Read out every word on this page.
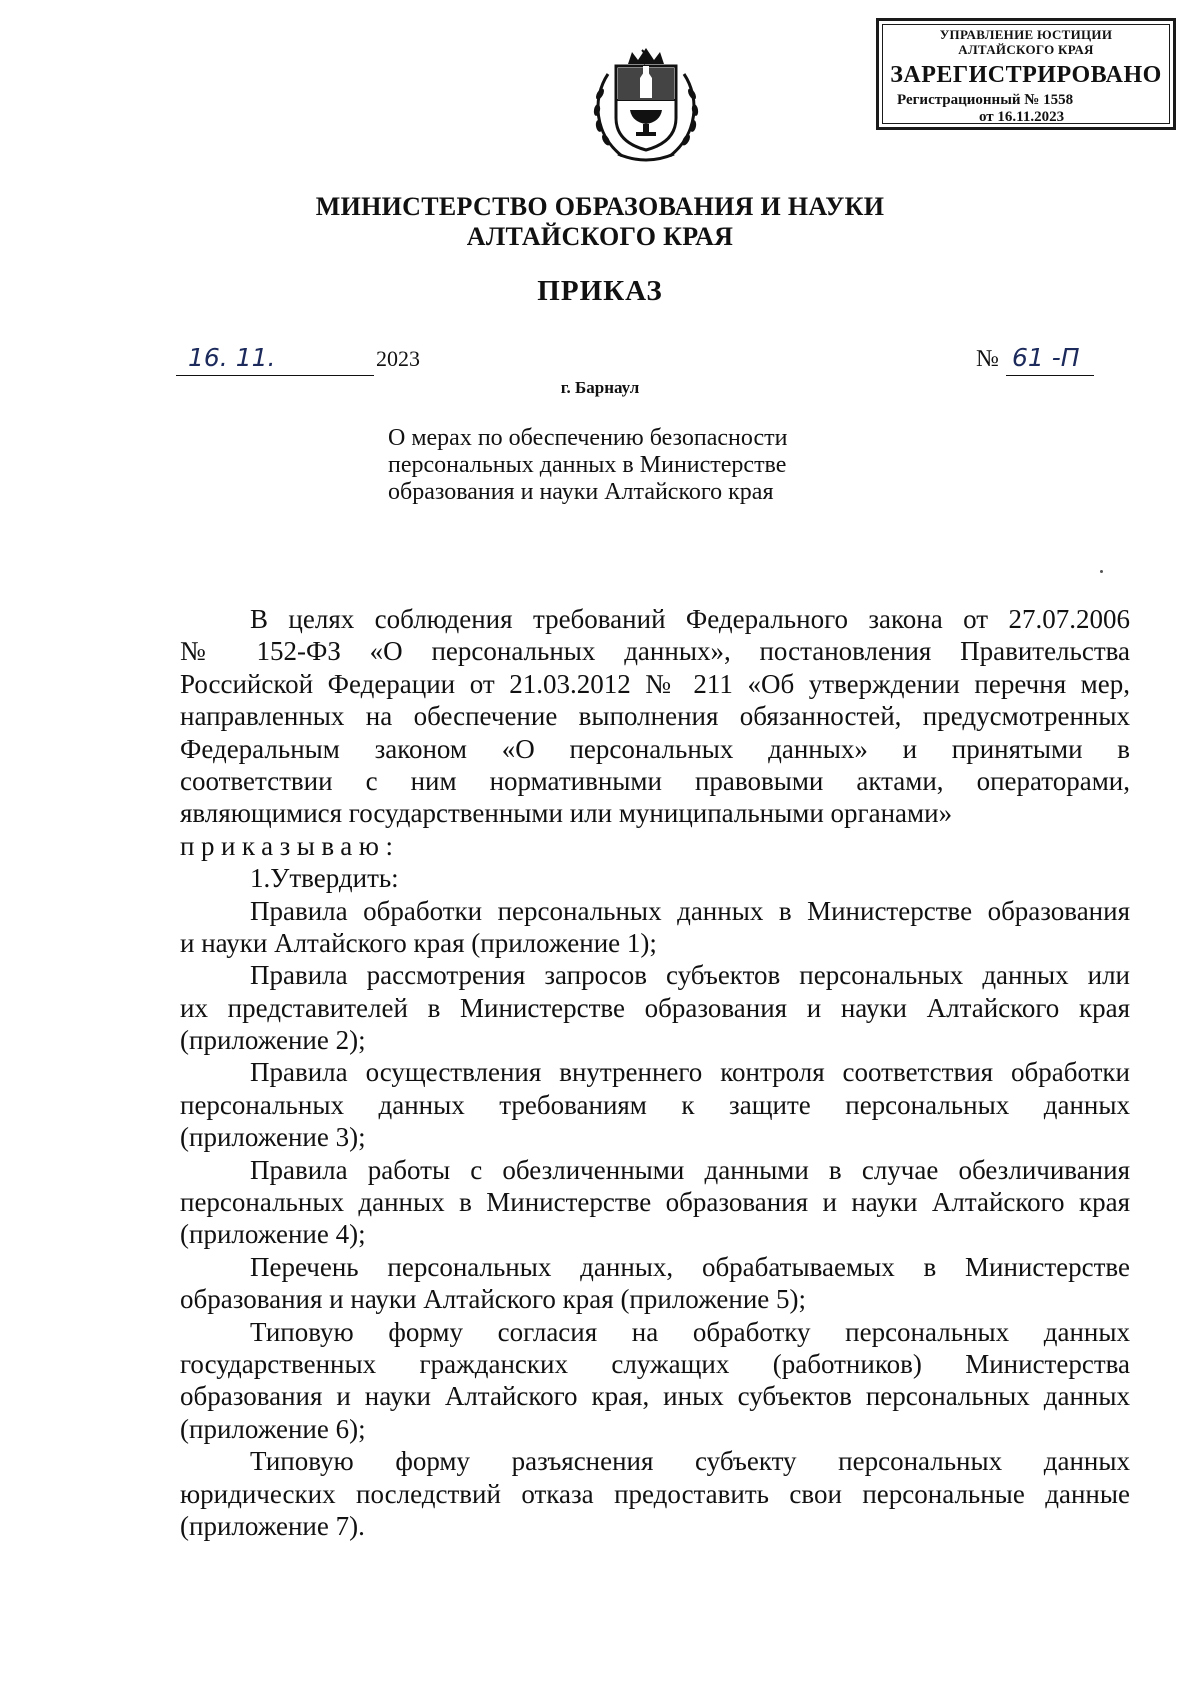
УПРАВЛЕНИЕ ЮСТИЦИИ
АЛТАЙСКОГО КРАЯ
ЗАРЕГИСТРИРОВАНО
Регистрационный № 1558
от 16.11.2023
МИНИСТЕРСТВО ОБРАЗОВАНИЯ И НАУКИ
АЛТАЙСКОГО КРАЯ
ПРИКАЗ
16. 11.	2023	№ 61 -П
г. Барнаул
О мерах по обеспечению безопасности
персональных данных в Министерстве
образования и науки Алтайского края
В целях соблюдения требований Федерального закона от 27.07.2006
№ 152-ФЗ «О персональных данных», постановления Правительства
Российской Федерации от 21.03.2012 № 211 «Об утверждении перечня мер,
направленных на обеспечение выполнения обязанностей, предусмотренных
Федеральным законом «О персональных данных» и принятыми в
соответствии с ним нормативными правовыми актами, операторами,
являющимися государственными или муниципальными органами»
приказываю:
1.Утвердить:
Правила обработки персональных данных в Министерстве образования
и науки Алтайского края (приложение 1);
Правила рассмотрения запросов субъектов персональных данных или
их представителей в Министерстве образования и науки Алтайского края
(приложение 2);
Правила осуществления внутреннего контроля соответствия обработки
персональных данных требованиям к защите персональных данных
(приложение 3);
Правила работы с обезличенными данными в случае обезличивания
персональных данных в Министерстве образования и науки Алтайского края
(приложение 4);
Перечень персональных данных, обрабатываемых в Министерстве
образования и науки Алтайского края (приложение 5);
Типовую форму согласия на обработку персональных данных
государственных гражданских служащих (работников) Министерства
образования и науки Алтайского края, иных субъектов персональных данных
(приложение 6);
Типовую форму разъяснения субъекту персональных данных
юридических последствий отказа предоставить свои персональные данные
(приложение 7).
